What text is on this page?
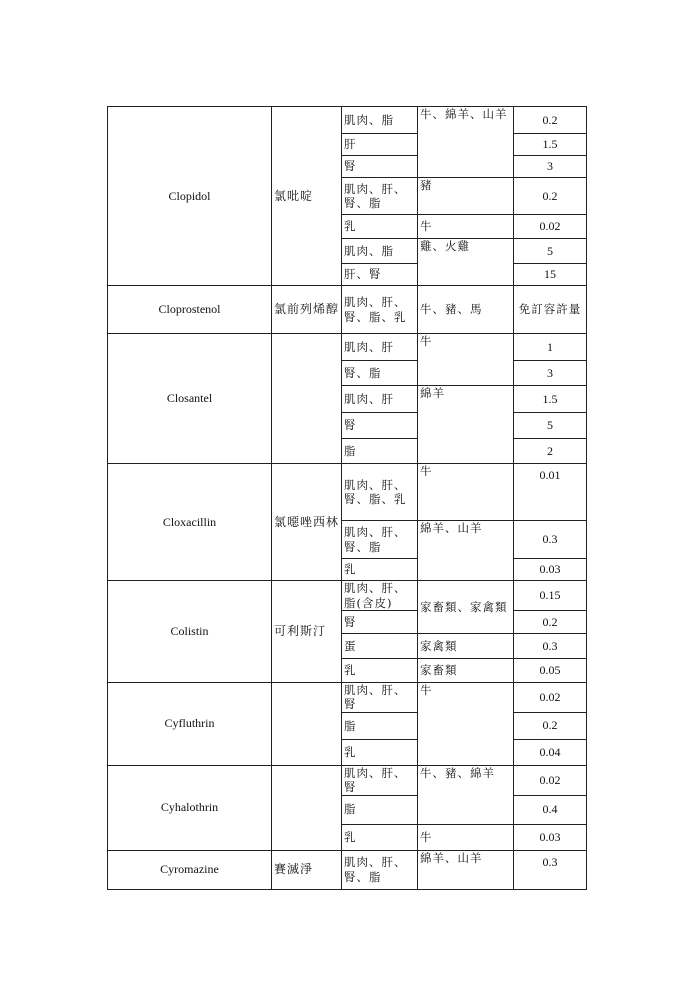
Clopidol	氯吡啶	肌肉、脂	牛、綿羊、山羊	0.2
		肝		1.5
		腎		3
		肌肉、肝、腎、脂	豬	0.2
		乳	牛	0.02
		肌肉、脂	雞、火雞	5
		肝、腎		15
Cloprostenol	氯前列烯醇	肌肉、肝、腎、脂、乳	牛、豬、馬	免訂容許量
Closantel		肌肉、肝	牛	1
		腎、脂		3
		肌肉、肝	綿羊	1.5
		腎		5
		脂		2
Cloxacillin	氯噁唑西林	肌肉、肝、腎、脂、乳	牛	0.01
		肌肉、肝、腎、脂	綿羊、山羊	0.3
		乳		0.03
Colistin	可利斯汀	肌肉、肝、脂(含皮)	家畜類、家禽類	0.15
		腎		0.2
		蛋	家禽類	0.3
		乳	家畜類	0.05
Cyfluthrin		肌肉、肝、腎	牛	0.02
		脂		0.2
		乳		0.04
Cyhalothrin		肌肉、肝、腎	牛、豬、綿羊	0.02
		脂		0.4
		乳	牛	0.03
Cyromazine	賽滅淨	肌肉、肝、腎、脂	綿羊、山羊	0.3
